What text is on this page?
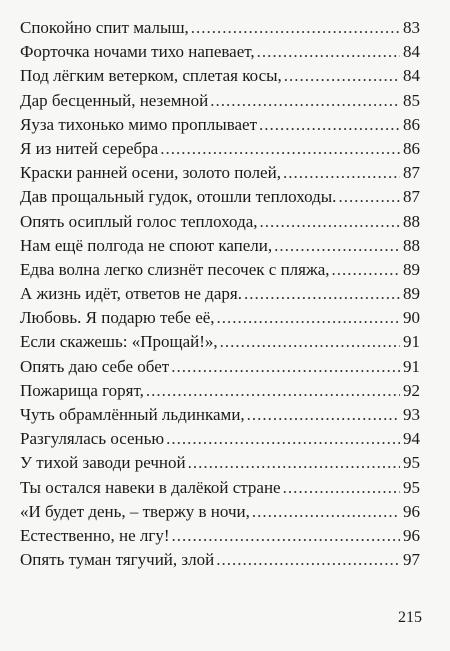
Спокойно спит малыш, .....	83
Форточка ночами тихо напевает, .....	84
Под лёгким ветерком, сплетая косы, .....	84
Дар бесценный, неземной .....	85
Яуза тихонько мимо проплывает .....	86
Я из нитей серебра .....	86
Краски ранней осени, золото полей, .....	87
Дав прощальный гудок, отошли теплоходы. .....	87
Опять осиплый голос теплохода, .....	88
Нам ещё полгода не споют капели, .....	88
Едва волна легко слизнёт песочек с пляжа, .....	89
А жизнь идёт, ответов не даря. .....	89
Любовь. Я подарю тебе её, .....	90
Если скажешь: «Прощай!», .....	91
Опять даю себе обет .....	91
Пожарища горят, .....	92
Чуть обрамлённый льдинками, .....	93
Разгулялась осенью .....	94
У тихой заводи речной .....	95
Ты остался навеки в далёкой стране .....	95
«И будет день, – твержу в ночи, .....	96
Естественно, не лгу! .....	96
Опять туман тягучий, злой .....	97
215
